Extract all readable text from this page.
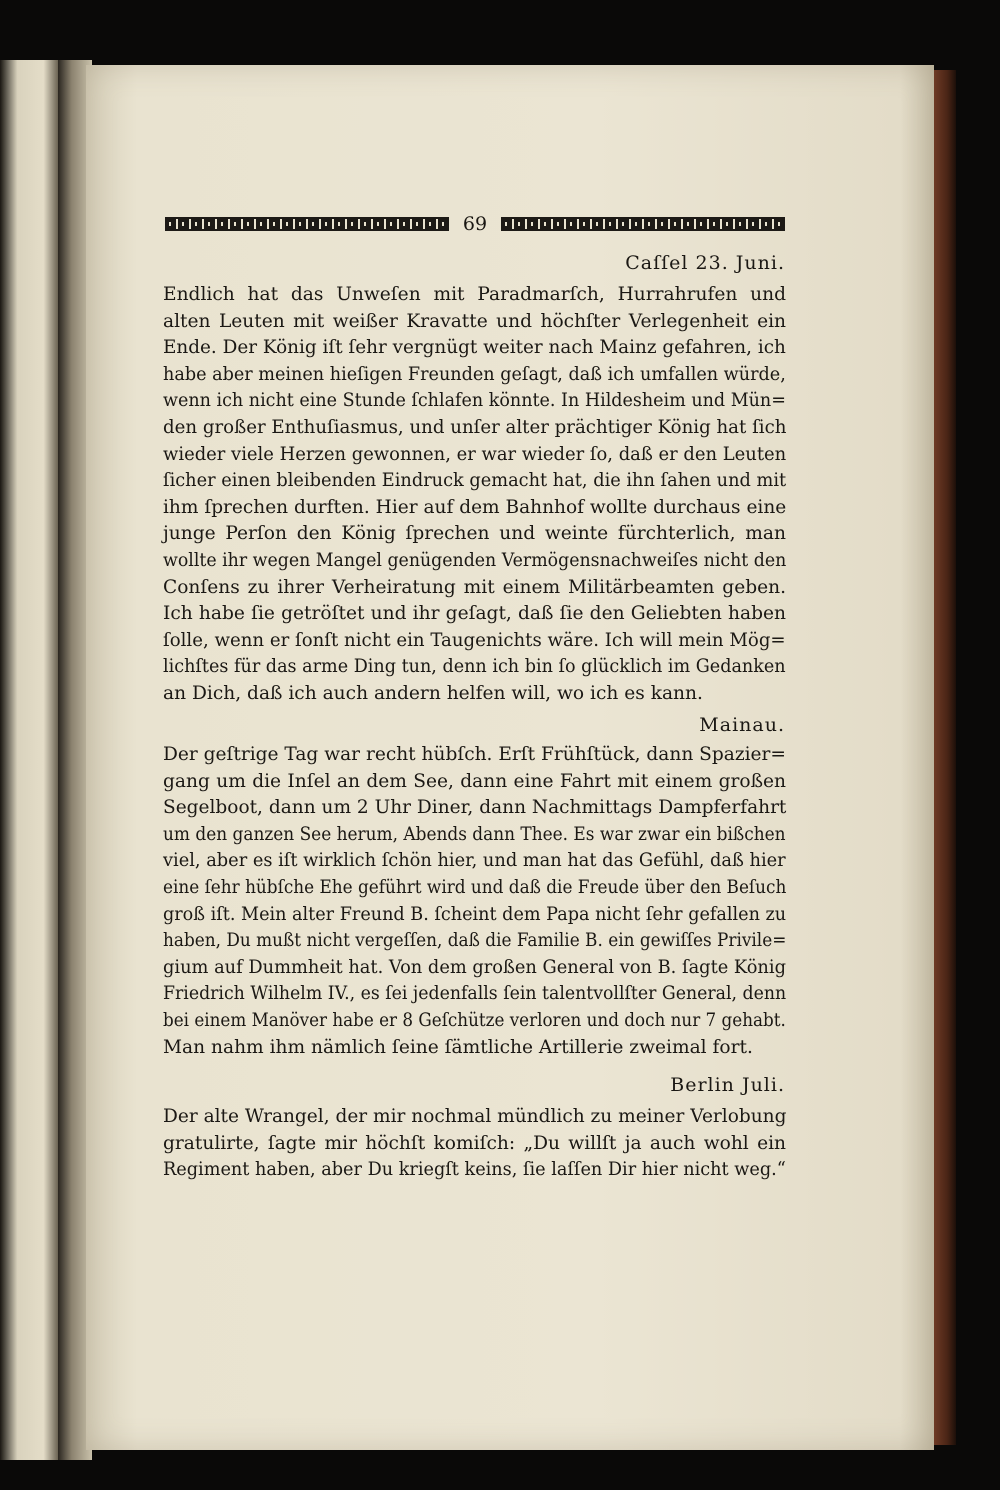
69
Caſſel 23. Juni.
Endlich hat das Unweſen mit Paradmarſch, Hurrahrufen und
alten Leuten mit weißer Kravatte und höchſter Verlegenheit ein
Ende. Der König iſt ſehr vergnügt weiter nach Mainz gefahren, ich
habe aber meinen hieſigen Freunden geſagt, daß ich umfallen würde,
wenn ich nicht eine Stunde ſchlafen könnte. In Hildesheim und Mün=
den großer Enthuſiasmus, und unſer alter prächtiger König hat ſich
wieder viele Herzen gewonnen, er war wieder ſo, daß er den Leuten
ſicher einen bleibenden Eindruck gemacht hat, die ihn ſahen und mit
ihm ſprechen durften. Hier auf dem Bahnhof wollte durchaus eine
junge Perſon den König ſprechen und weinte fürchterlich, man
wollte ihr wegen Mangel genügenden Vermögensnachweiſes nicht den
Conſens zu ihrer Verheiratung mit einem Militärbeamten geben.
Ich habe ſie getröſtet und ihr geſagt, daß ſie den Geliebten haben
ſolle, wenn er ſonſt nicht ein Taugenichts wäre. Ich will mein Mög=
lichſtes für das arme Ding tun, denn ich bin ſo glücklich im Gedanken
an Dich, daß ich auch andern helfen will, wo ich es kann.
Mainau.
Der geſtrige Tag war recht hübſch. Erſt Frühſtück, dann Spazier=
gang um die Inſel an dem See, dann eine Fahrt mit einem großen
Segelboot, dann um 2 Uhr Diner, dann Nachmittags Dampferfahrt
um den ganzen See herum, Abends dann Thee. Es war zwar ein bißchen
viel, aber es iſt wirklich ſchön hier, und man hat das Gefühl, daß hier
eine ſehr hübſche Ehe geführt wird und daß die Freude über den Beſuch
groß iſt. Mein alter Freund B. ſcheint dem Papa nicht ſehr gefallen zu
haben, Du mußt nicht vergeſſen, daß die Familie B. ein gewiſſes Privile=
gium auf Dummheit hat. Von dem großen General von B. ſagte König
Friedrich Wilhelm IV., es ſei jedenfalls ſein talentvollſter General, denn
bei einem Manöver habe er 8 Geſchütze verloren und doch nur 7 gehabt.
Man nahm ihm nämlich ſeine ſämtliche Artillerie zweimal fort.
Berlin Juli.
Der alte Wrangel, der mir nochmal mündlich zu meiner Verlobung
gratulirte, ſagte mir höchſt komiſch: „Du willſt ja auch wohl ein
Regiment haben, aber Du kriegſt keins, ſie laſſen Dir hier nicht weg.“
